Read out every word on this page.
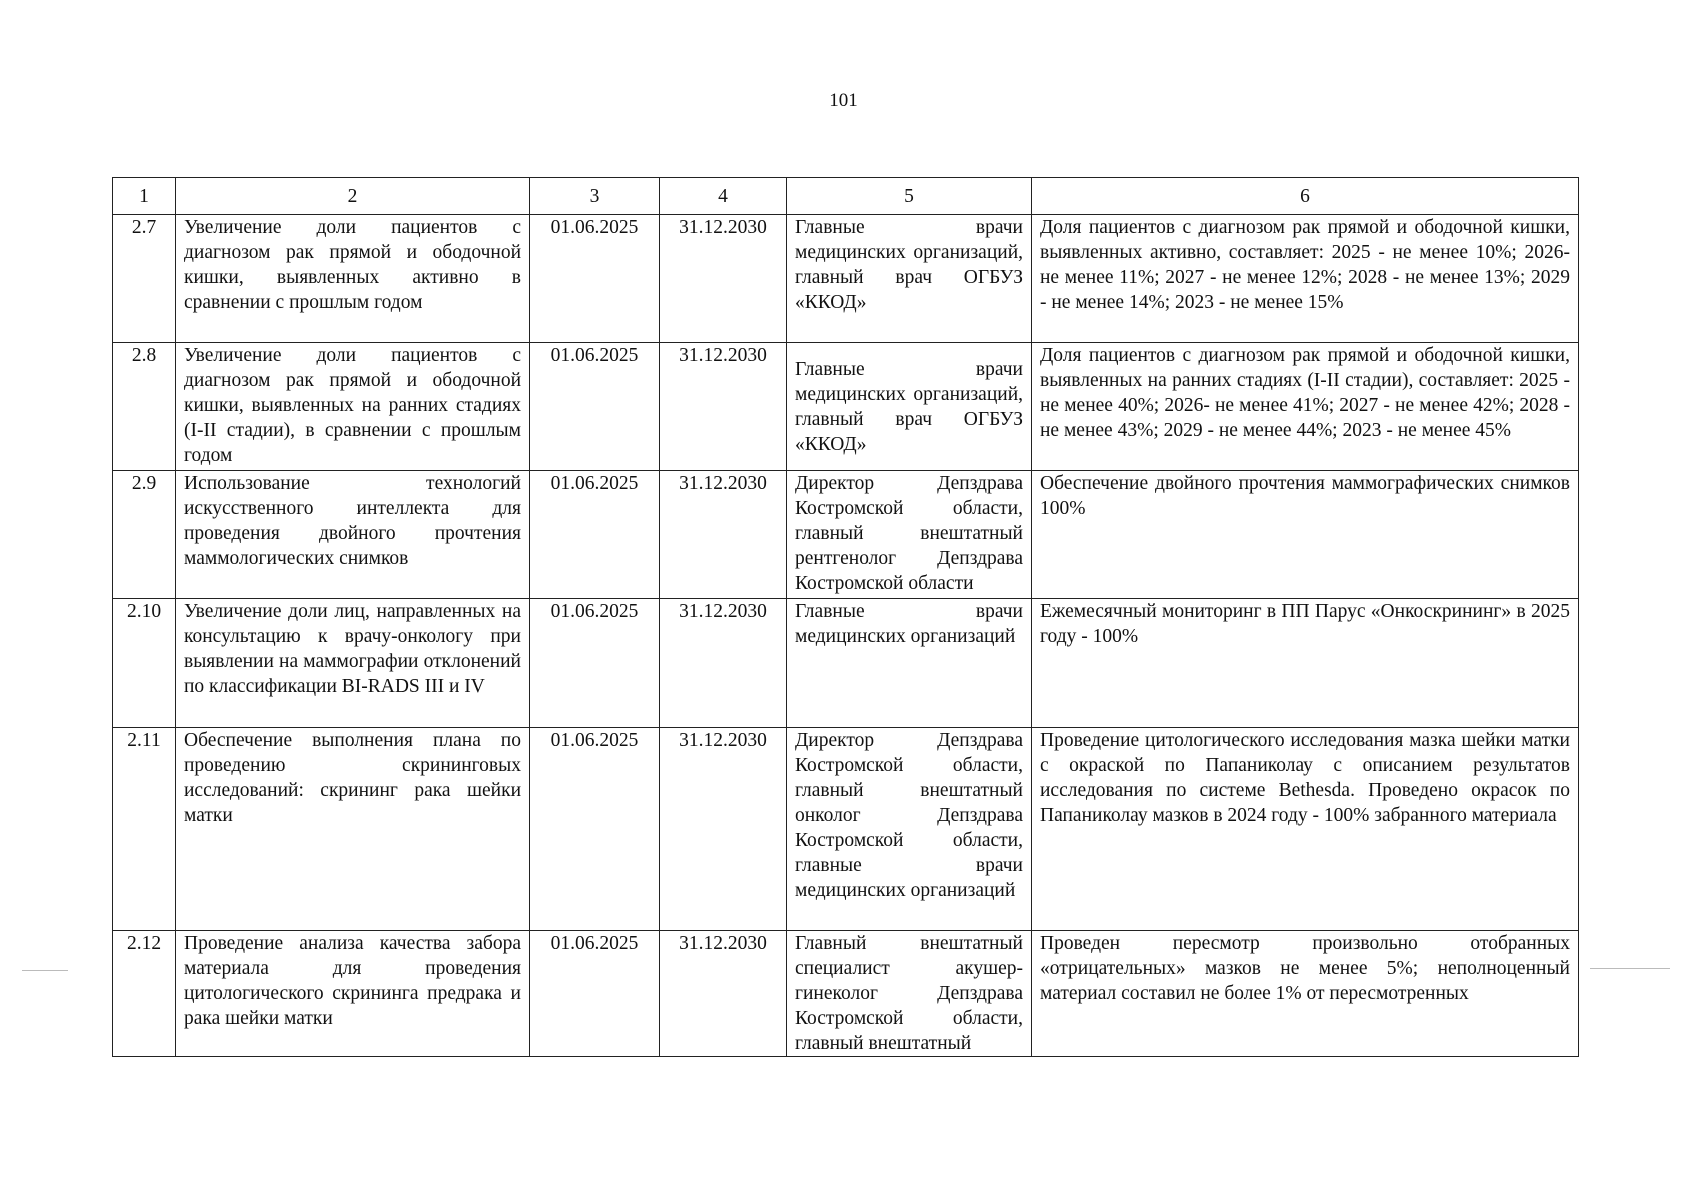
101
1	2	3	4	5	6
2.7	Увеличение доли пациентов с диагнозом рак прямой и ободочной кишки, выявленных активно в сравнении с прошлым годом	01.06.2025	31.12.2030	Главные врачи медицинских организаций, главный врач ОГБУЗ «ККОД»	Доля пациентов с диагнозом рак прямой и ободочной кишки, выявленных активно, составляет: 2025 - не менее 10%; 2026- не менее 11%; 2027 - не менее 12%; 2028 - не менее 13%; 2029 - не менее 14%; 2023 - не менее 15%
2.8	Увеличение доли пациентов с диагнозом рак прямой и ободочной кишки, выявленных на ранних стадиях (I-II стадии), в сравнении с прошлым годом	01.06.2025	31.12.2030	Главные врачи медицинских организаций, главный врач ОГБУЗ «ККОД»	Доля пациентов с диагнозом рак прямой и ободочной кишки, выявленных на ранних стадиях (I-II стадии), составляет: 2025 - не менее 40%; 2026- не менее 41%; 2027 - не менее 42%; 2028 - не менее 43%; 2029 - не менее 44%; 2023 - не менее 45%
2.9	Использование технологий искусственного интеллекта для проведения двойного прочтения маммологических снимков	01.06.2025	31.12.2030	Директор Депздрава Костромской области, главный внештатный рентгенолог Депздрава Костромской области	Обеспечение двойного прочтения маммографических снимков 100%
2.10	Увеличение доли лиц, направленных на консультацию к врачу-онкологу при выявлении на маммографии отклонений по классификации BI-RADS III и IV	01.06.2025	31.12.2030	Главные врачи медицинских организаций	Ежемесячный мониторинг в ПП Парус «Онкоскрининг» в 2025 году - 100%
2.11	Обеспечение выполнения плана по проведению скрининговых исследований: скрининг рака шейки матки	01.06.2025	31.12.2030	Директор Депздрава Костромской области, главный внештатный онколог Депздрава Костромской области, главные врачи медицинских организаций	Проведение цитологического исследования мазка шейки матки с окраской по Папаниколау с описанием результатов исследования по системе Bethesda. Проведено окрасок по Папаниколау мазков в 2024 году - 100% забранного материала
2.12	Проведение анализа качества забора материала для проведения цитологического скрининга предрака и рака шейки матки	01.06.2025	31.12.2030	Главный внештатный специалист акушер-гинеколог Депздрава Костромской области, главный внештатный	Проведен пересмотр произвольно отобранных «отрицательных» мазков не менее 5%; неполноценный материал составил не более 1% от пересмотренных
